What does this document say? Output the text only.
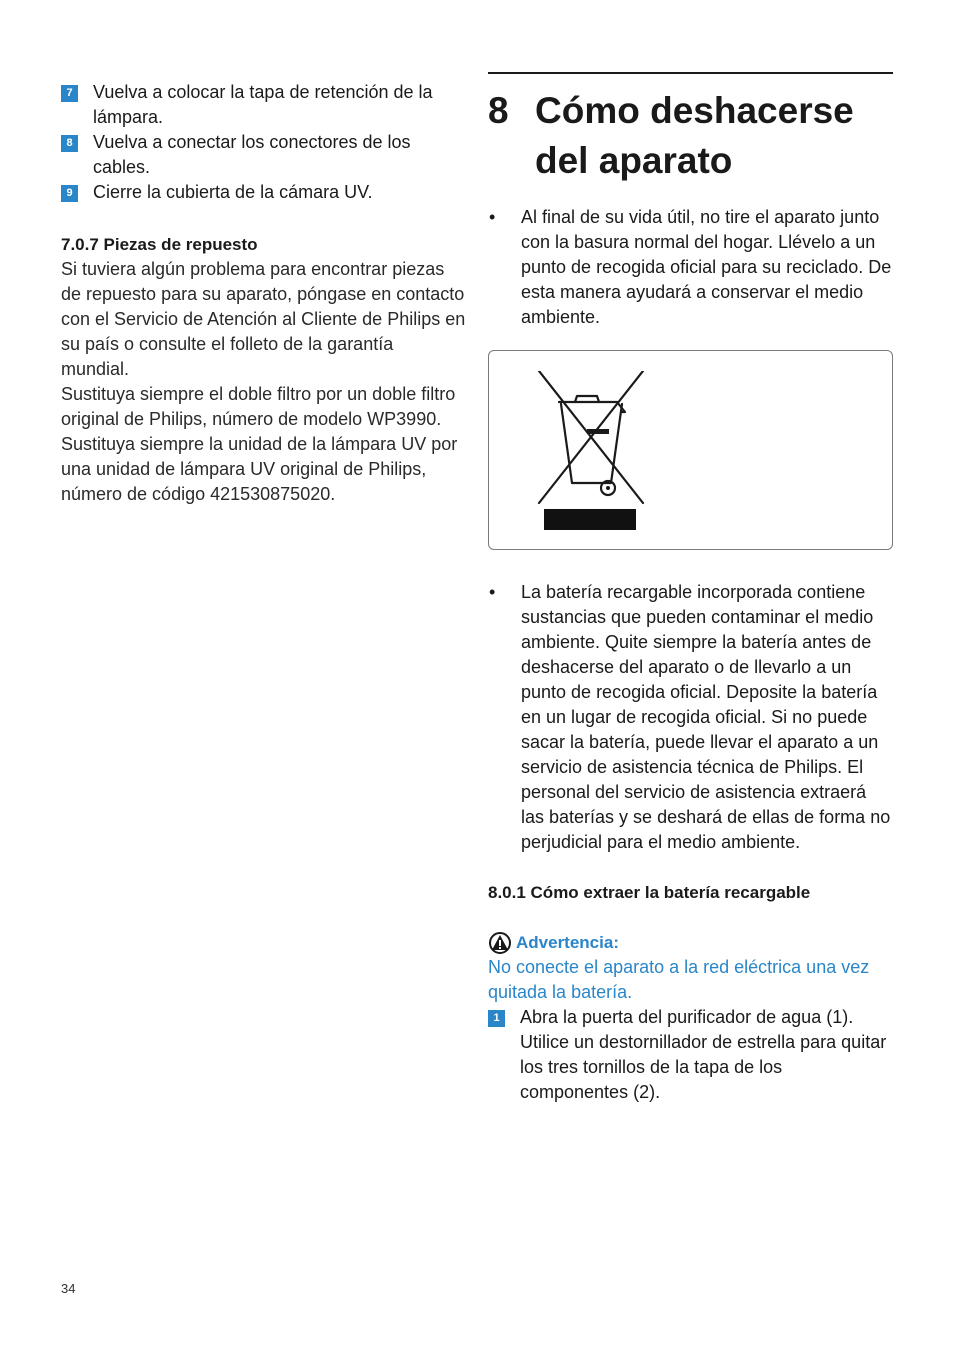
7	Vuelva a colocar la tapa de retención de la lámpara.
8	Vuelva a conectar los conectores de los cables.
9	Cierre la cubierta de la cámara UV.
7.0.7 Piezas de repuesto
Si tuviera algún problema para encontrar piezas de repuesto para su aparato, póngase en contacto con el Servicio de Atención al Cliente de Philips en su país o consulte el folleto de la garantía mundial.
Sustituya siempre el doble filtro por un doble filtro original de Philips, número de modelo WP3990.
Sustituya siempre la unidad de la lámpara UV por una unidad de lámpara UV original de Philips, número de código 421530875020.
8 Cómo deshacerse del aparato
•	Al final de su vida útil, no tire el aparato junto con la basura normal del hogar. Llévelo a un punto de recogida oficial para su reciclado. De esta manera ayudará a conservar el medio ambiente.
•	La batería recargable incorporada contiene sustancias que pueden contaminar el medio ambiente. Quite siempre la batería antes de deshacerse del aparato o de llevarlo a un punto de recogida oficial. Deposite la batería en un lugar de recogida oficial. Si no puede sacar la batería, puede llevar el aparato a un servicio de asistencia técnica de Philips. El personal del servicio de asistencia extraerá las baterías y se deshará de ellas de forma no perjudicial para el medio ambiente.
8.0.1 Cómo extraer la batería recargable
Advertencia:
No conecte el aparato a la red eléctrica una vez quitada la batería.
1	Abra la puerta del purificador de agua (1). Utilice un destornillador de estrella para quitar los tres tornillos de la tapa de los componentes (2).
34
